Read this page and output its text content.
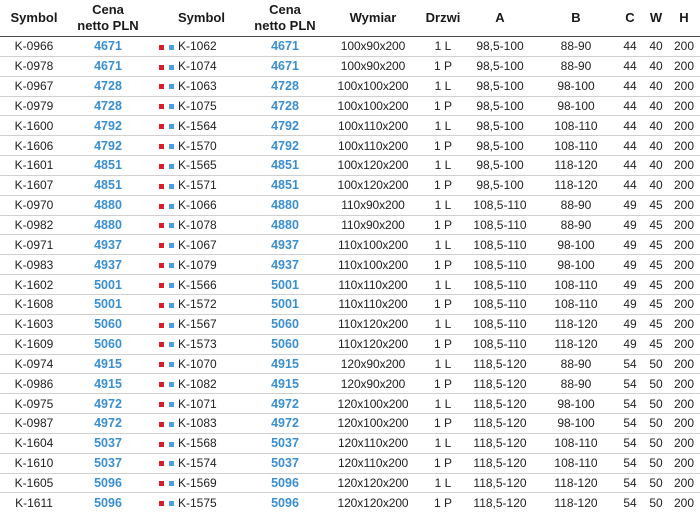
Symbol	Cena
netto PLN		Symbol	Cena
netto PLN	Wymiar	Drzwi	A	B	C	W	H
K-0966	4671		K-1062	4671	100x90x200	1 L	98,5-100	88-90	44	40	200
K-0978	4671		K-1074	4671	100x90x200	1 P	98,5-100	88-90	44	40	200
K-0967	4728		K-1063	4728	100x100x200	1 L	98,5-100	98-100	44	40	200
K-0979	4728		K-1075	4728	100x100x200	1 P	98,5-100	98-100	44	40	200
K-1600	4792		K-1564	4792	100x110x200	1 L	98,5-100	108-110	44	40	200
K-1606	4792		K-1570	4792	100x110x200	1 P	98,5-100	108-110	44	40	200
K-1601	4851		K-1565	4851	100x120x200	1 L	98,5-100	118-120	44	40	200
K-1607	4851		K-1571	4851	100x120x200	1 P	98,5-100	118-120	44	40	200
K-0970	4880		K-1066	4880	110x90x200	1 L	108,5-110	88-90	49	45	200
K-0982	4880		K-1078	4880	110x90x200	1 P	108,5-110	88-90	49	45	200
K-0971	4937		K-1067	4937	110x100x200	1 L	108,5-110	98-100	49	45	200
K-0983	4937		K-1079	4937	110x100x200	1 P	108,5-110	98-100	49	45	200
K-1602	5001		K-1566	5001	110x110x200	1 L	108,5-110	108-110	49	45	200
K-1608	5001		K-1572	5001	110x110x200	1 P	108,5-110	108-110	49	45	200
K-1603	5060		K-1567	5060	110x120x200	1 L	108,5-110	118-120	49	45	200
K-1609	5060		K-1573	5060	110x120x200	1 P	108,5-110	118-120	49	45	200
K-0974	4915		K-1070	4915	120x90x200	1 L	118,5-120	88-90	54	50	200
K-0986	4915		K-1082	4915	120x90x200	1 P	118,5-120	88-90	54	50	200
K-0975	4972		K-1071	4972	120x100x200	1 L	118,5-120	98-100	54	50	200
K-0987	4972		K-1083	4972	120x100x200	1 P	118,5-120	98-100	54	50	200
K-1604	5037		K-1568	5037	120x110x200	1 L	118,5-120	108-110	54	50	200
K-1610	5037		K-1574	5037	120x110x200	1 P	118,5-120	108-110	54	50	200
K-1605	5096		K-1569	5096	120x120x200	1 L	118,5-120	118-120	54	50	200
K-1611	5096		K-1575	5096	120x120x200	1 P	118,5-120	118-120	54	50	200
